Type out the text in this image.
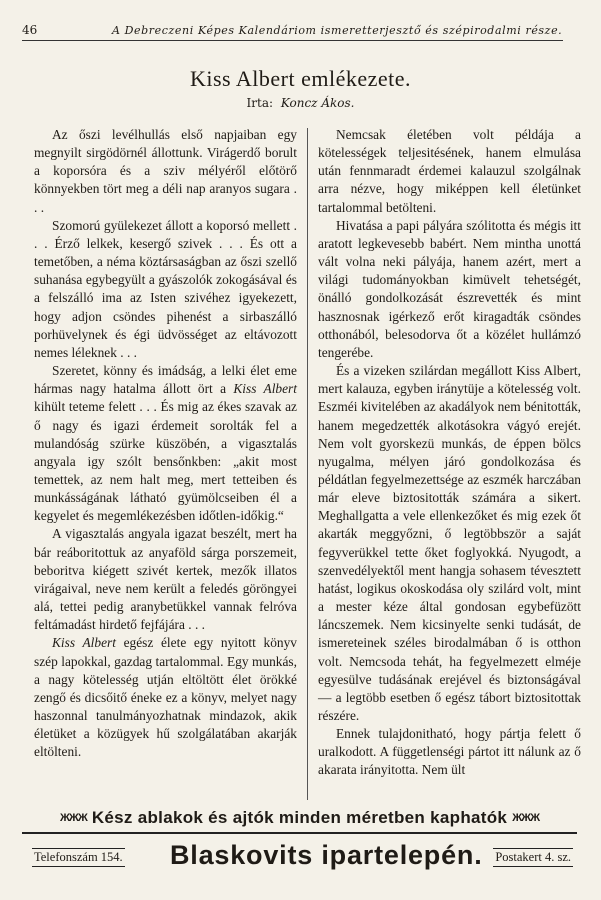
46	A Debreczeni Képes Kalendáriom ismeretterjesztő és szépirodalmi része.
Kiss Albert emlékezete.
Irta: Koncz Ákos.
Az őszi levélhullás első napjaiban egy megnyilt sirgödörnél állottunk. Virágerdő borult a koporsóra és a sziv mélyéről előtörő könnyekben tört meg a déli nap aranyos sugara . . .
Szomorú gyülekezet állott a koporsó mellett . . . Érző lelkek, kesergő szivek . . . És ott a temetőben, a néma köztársaságban az őszi szellő suhanása egybegyült a gyászolók zokogásával és a felszálló ima az Isten szivéhez igyekezett, hogy adjon csöndes pihenést a sirbaszálló porhüvelynek és égi üdvösséget az eltávozott nemes léleknek . . .
Szeretet, könny és imádság, a lelki élet eme hármas nagy hatalma állott ört a Kiss Albert kihült teteme felett . . . És mig az ékes szavak az ő nagy és igazi érdemeit sorolták fel a mulandóság szürke küszöbén, a vigasztalás angyala igy szólt bensőnkben: „akit most temettek, az nem halt meg, mert tetteiben és munkásságának látható gyümölcseiben él a kegyelet és megemlékezésben időtlen-időkig.“
A vigasztalás angyala igazat beszélt, mert ha bár reáboritottuk az anyaföld sárga porszemeit, beboritva kiégett szivét kertek, mezők illatos virágaival, neve nem került a feledés göröngyei alá, tettei pedig aranybetükkel vannak felróva feltámadást hirdető fejfájára . . .
Kiss Albert egész élete egy nyitott könyv szép lapokkal, gazdag tartalommal. Egy munkás, a nagy kötelesség utján eltöltött élet örökké zengő és dicsőitő éneke ez a könyv, melyet nagy haszonnal tanulmányozhatnak mindazok, akik életüket a közügyek hű szolgálatában akarják eltölteni.
Nemcsak életében volt példája a kötelességek teljesitésének, hanem elmulása után fennmaradt érdemei kalauzul szolgálnak arra nézve, hogy miképpen kell életünket tartalommal betölteni.
Hivatása a papi pályára szólitotta és mégis itt aratott legkevesebb babért. Nem mintha unottá vált volna neki pályája, hanem azért, mert a világi tudományokban kimüvelt tehetségét, önálló gondolkozását észrevették és mint hasznosnak igérkező erőt kiragadták csöndes otthonából, belesodorva őt a közélet hullámzó tengerébe.
És a vizeken szilárdan megállott Kiss Albert, mert kalauza, egyben iránytüje a kötelesség volt. Eszméi kivitelében az akadályok nem bénitották, hanem megedzették alkotásokra vágyó erejét. Nem volt gyorskezü munkás, de éppen bölcs nyugalma, mélyen járó gondolkozása és példátlan fegyelmezettsége az eszmék harczában már eleve biztositották számára a sikert. Meghallgatta a vele ellenkezőket és mig ezek őt akarták meggyőzni, ő legtöbbször a saját fegyverükkel tette őket foglyokká. Nyugodt, a szenvedélyektől ment hangja sohasem tévesztett hatást, logikus okoskodása oly szilárd volt, mint a mester kéze által gondosan egybefüzött láncszemek. Nem kicsinyelte senki tudását, de ismereteinek széles birodalmában ő is otthon volt. Nemcsoda tehát, ha fegyelmezett elméje egyesülve tudásának erejével és biztonságával — a legtöbb esetben ő egész tábort biztositottak részére.
Ennek tulajdonitható, hogy pártja felett ő uralkodott. A függetlenségi pártot itt nálunk az ő akarata irányitotta. Nem ült
ЖЖЖ Kész ablakok és ajtók minden méretben kaphatók ЖЖЖ
Telefonszám 154. Blaskovits ipartelepén. Postakert 4. sz.
